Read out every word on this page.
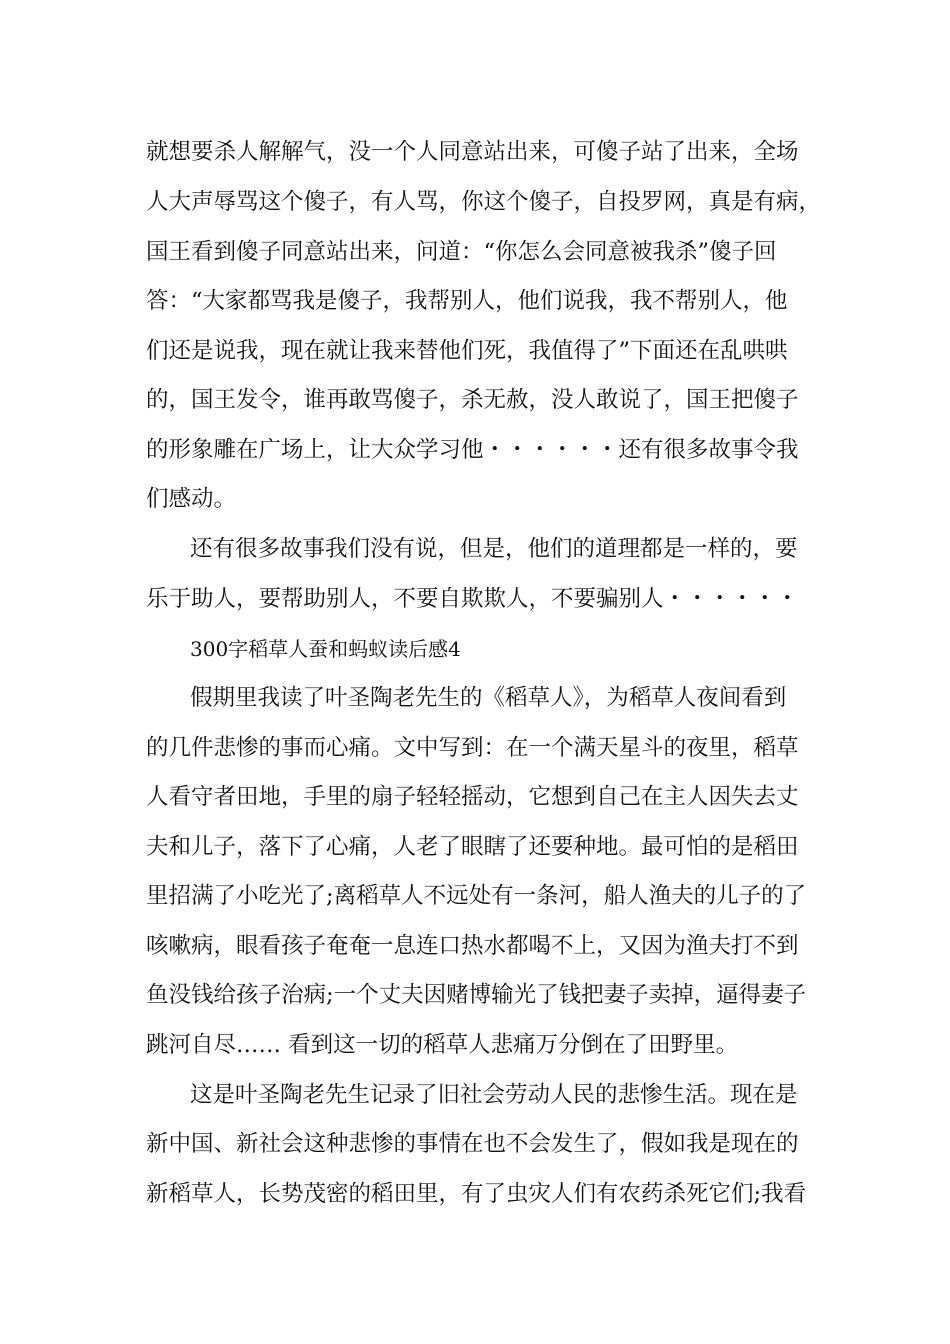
就想要杀人解解气，没一个人同意站出来，可傻子站了出来，全场
人大声辱骂这个傻子，有人骂，你这个傻子，自投罗网，真是有病，
国王看到傻子同意站出来，问道：“你怎么会同意被我杀”傻子回
答：“大家都骂我是傻子，我帮别人，他们说我，我不帮别人，他
们还是说我，现在就让我来替他们死，我值得了”下面还在乱哄哄
的，国王发令，谁再敢骂傻子，杀无赦，没人敢说了，国王把傻子
的形象雕在广场上，让大众学习他・・・・・・还有很多故事令我
们感动。
还有很多故事我们没有说，但是，他们的道理都是一样的，要
乐于助人，要帮助别人，不要自欺欺人，不要骗别人・・・・・・
300字稻草人蚕和蚂蚁读后感4
假期里我读了叶圣陶老先生的《稻草人》，为稻草人夜间看到
的几件悲惨的事而心痛。文中写到：在一个满天星斗的夜里，稻草
人看守者田地，手里的扇子轻轻摇动，它想到自己在主人因失去丈
夫和儿子，落下了心痛，人老了眼瞎了还要种地。最可怕的是稻田
里招满了小吃光了;离稻草人不远处有一条河，船人渔夫的儿子的了
咳嗽病，眼看孩子奄奄一息连口热水都喝不上，又因为渔夫打不到
鱼没钱给孩子治病;一个丈夫因赌博输光了钱把妻子卖掉，逼得妻子
跳河自尽…… 看到这一切的稻草人悲痛万分倒在了田野里。
这是叶圣陶老先生记录了旧社会劳动人民的悲惨生活。现在是
新中国、新社会这种悲惨的事情在也不会发生了，假如我是现在的
新稻草人，长势茂密的稻田里，有了虫灾人们有农药杀死它们;我看
